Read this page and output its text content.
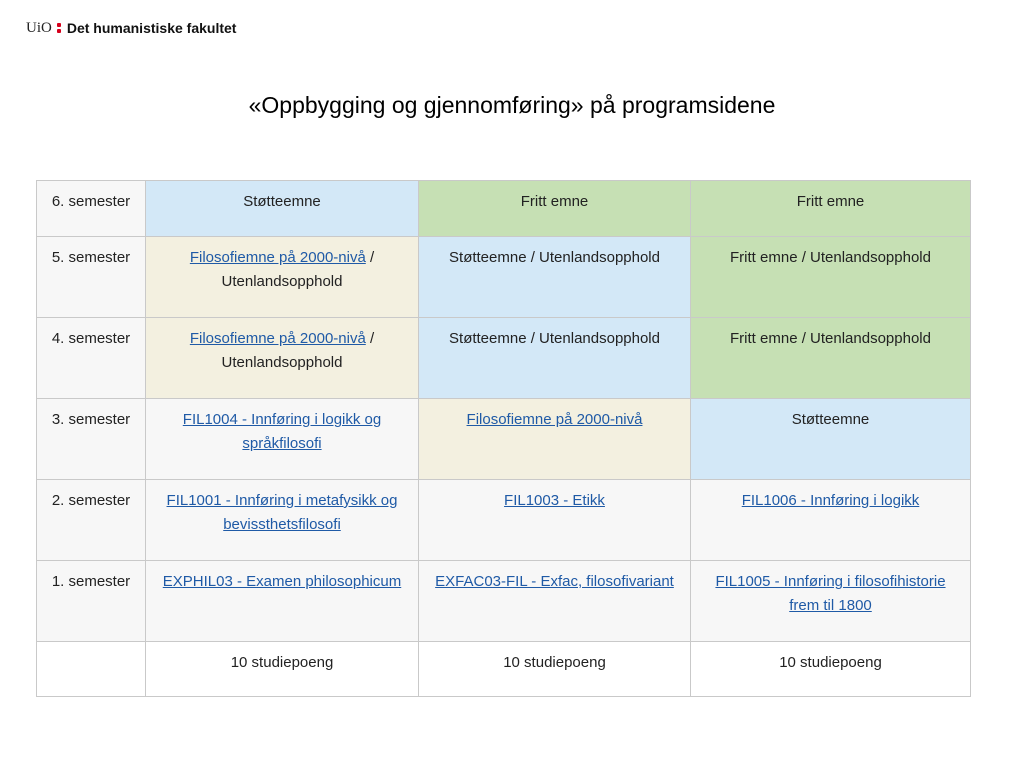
UiO Det humanistiske fakultet
«Oppbygging og gjennomføring» på programsidene
6. semester	Støtteemne	Fritt emne	Fritt emne
5. semester	Filosofiemne på 2000-nivå / Utenlandsopphold	Støtteemne / Utenlandsopphold	Fritt emne / Utenlandsopphold
4. semester	Filosofiemne på 2000-nivå / Utenlandsopphold	Støtteemne / Utenlandsopphold	Fritt emne / Utenlandsopphold
3. semester	FIL1004 - Innføring i logikk og språkfilosofi	Filosofiemne på 2000-nivå	Støtteemne
2. semester	FIL1001 - Innføring i metafysikk og bevissthetsfilosofi	FIL1003 - Etikk	FIL1006 - Innføring i logikk
1. semester	EXPHIL03 - Examen philosophicum	EXFAC03-FIL - Exfac, filosofivariant	FIL1005 - Innføring i filosofihistorie frem til 1800
	10 studiepoeng	10 studiepoeng	10 studiepoeng
